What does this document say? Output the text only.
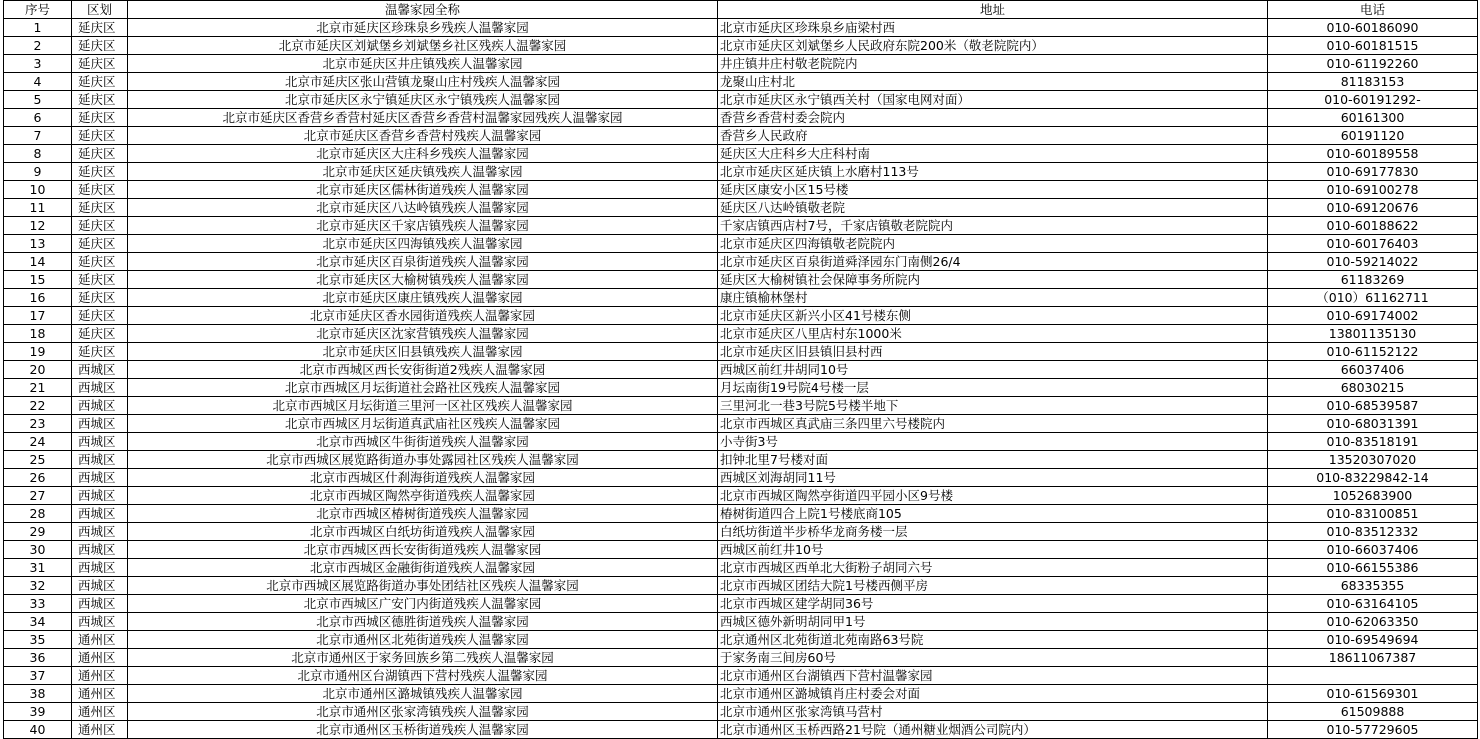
序号	区划	温馨家园全称	地址	电话
1	延庆区	北京市延庆区珍珠泉乡残疾人温馨家园	北京市延庆区珍珠泉乡庙梁村西	010-60186090
2	延庆区	北京市延庆区刘斌堡乡刘斌堡乡社区残疾人温馨家园	北京市延庆区刘斌堡乡人民政府东院200米（敬老院院内）	010-60181515
3	延庆区	北京市延庆区井庄镇残疾人温馨家园	井庄镇井庄村敬老院院内	010-61192260
4	延庆区	北京市延庆区张山营镇龙聚山庄村残疾人温馨家园	龙聚山庄村北	81183153
5	延庆区	北京市延庆区永宁镇延庆区永宁镇残疾人温馨家园	北京市延庆区永宁镇西关村（国家电网对面）	010-60191292-
6	延庆区	北京市延庆区香营乡香营村延庆区香营乡香营村温馨家园残疾人温馨家园	香营乡香营村委会院内	60161300
7	延庆区	北京市延庆区香营乡香营村残疾人温馨家园	香营乡人民政府	60191120
8	延庆区	北京市延庆区大庄科乡残疾人温馨家园	延庆区大庄科乡大庄科村南	010-60189558
9	延庆区	北京市延庆区延庆镇残疾人温馨家园	北京市延庆区延庆镇上水磨村113号	010-69177830
10	延庆区	北京市延庆区儒林街道残疾人温馨家园	延庆区康安小区15号楼	010-69100278
11	延庆区	北京市延庆区八达岭镇残疾人温馨家园	延庆区八达岭镇敬老院	010-69120676
12	延庆区	北京市延庆区千家店镇残疾人温馨家园	千家店镇西店村7号，千家店镇敬老院院内	010-60188622
13	延庆区	北京市延庆区四海镇残疾人温馨家园	北京市延庆区四海镇敬老院院内	010-60176403
14	延庆区	北京市延庆区百泉街道残疾人温馨家园	北京市延庆区百泉街道舜泽园东门南侧26/4	010-59214022
15	延庆区	北京市延庆区大榆树镇残疾人温馨家园	延庆区大榆树镇社会保障事务所院内	61183269
16	延庆区	北京市延庆区康庄镇残疾人温馨家园	康庄镇榆林堡村	（010）61162711
17	延庆区	北京市延庆区香水园街道残疾人温馨家园	北京市延庆区新兴小区41号楼东侧	010-69174002
18	延庆区	北京市延庆区沈家营镇残疾人温馨家园	北京市延庆区八里店村东1000米	13801135130
19	延庆区	北京市延庆区旧县镇残疾人温馨家园	北京市延庆区旧县镇旧县村西	010-61152122
20	西城区	北京市西城区西长安街街道2残疾人温馨家园	西城区前红井胡同10号	66037406
21	西城区	北京市西城区月坛街道社会路社区残疾人温馨家园	月坛南街19号院4号楼一层	68030215
22	西城区	北京市西城区月坛街道三里河一区社区残疾人温馨家园	三里河北一巷3号院5号楼半地下	010-68539587
23	西城区	北京市西城区月坛街道真武庙社区残疾人温馨家园	北京市西城区真武庙三条四里六号楼院内	010-68031391
24	西城区	北京市西城区牛街街道残疾人温馨家园	小寺街3号	010-83518191
25	西城区	北京市西城区展览路街道办事处露园社区残疾人温馨家园	扣钟北里7号楼对面	13520307020
26	西城区	北京市西城区什刹海街道残疾人温馨家园	西城区刘海胡同11号	010-83229842-14
27	西城区	北京市西城区陶然亭街道残疾人温馨家园	北京市西城区陶然亭街道四平园小区9号楼	1052683900
28	西城区	北京市西城区椿树街道残疾人温馨家园	椿树街道四合上院1号楼底商105	010-83100851
29	西城区	北京市西城区白纸坊街道残疾人温馨家园	白纸坊街道半步桥华龙商务楼一层	010-83512332
30	西城区	北京市西城区西长安街街道残疾人温馨家园	西城区前红井10号	010-66037406
31	西城区	北京市西城区金融街街道残疾人温馨家园	北京市西城区西单北大街粉子胡同六号	010-66155386
32	西城区	北京市西城区展览路街道办事处团结社区残疾人温馨家园	北京市西城区团结大院1号楼西侧平房	68335355
33	西城区	北京市西城区广安门内街道残疾人温馨家园	北京市西城区建学胡同36号	010-63164105
34	西城区	北京市西城区德胜街道残疾人温馨家园	西城区德外新明胡同甲1号	010-62063350
35	通州区	北京市通州区北苑街道残疾人温馨家园	北京通州区北苑街道北苑南路63号院	010-69549694
36	通州区	北京市通州区于家务回族乡第二残疾人温馨家园	于家务南三间房60号	18611067387
37	通州区	北京市通州区台湖镇西下营村残疾人温馨家园	北京市通州区台湖镇西下营村温馨家园	
38	通州区	北京市通州区潞城镇残疾人温馨家园	北京市通州区潞城镇肖庄村委会对面	010-61569301
39	通州区	北京市通州区张家湾镇残疾人温馨家园	北京市通州区张家湾镇马营村	61509888
40	通州区	北京市通州区玉桥街道残疾人温馨家园	北京市通州区玉桥西路21号院（通州糖业烟酒公司院内）	010-57729605
